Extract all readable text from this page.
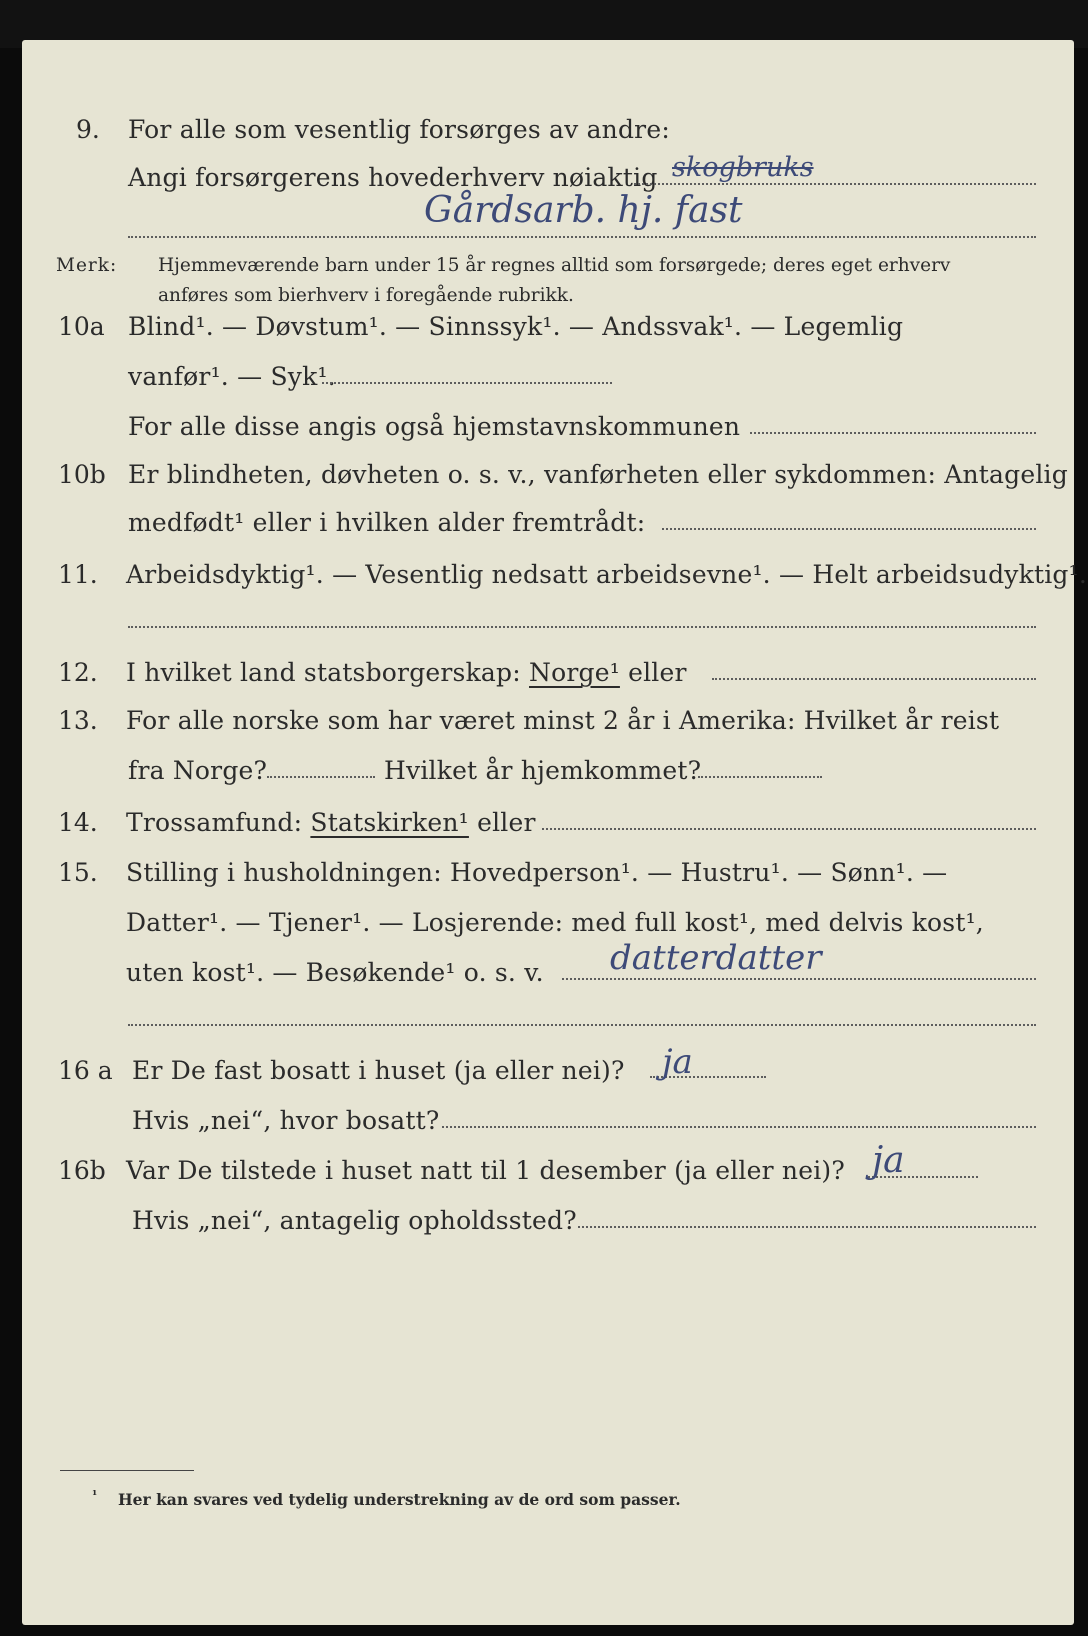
9. For alle som vesentlig forsørges av andre:
Angi forsørgerens hovederhverv nøiaktig skogbruks
Gårdsarb. hj. fast
Merk: Hjemmeværende barn under 15 år regnes alltid som forsørgede; deres eget erhverv
anføres som bierhverv i foregående rubrikk.
10a Blind¹. — Døvstum¹. — Sinnssyk¹. — Andssvak¹. — Legemlig
vanfør¹. — Syk¹.
For alle disse angis også hjemstavnskommunen
10b Er blindheten, døvheten o. s. v., vanførheten eller sykdommen: Antagelig
medfødt¹ eller i hvilken alder fremtrådt:
11. Arbeidsdyktig¹. — Vesentlig nedsatt arbeidsevne¹. — Helt arbeidsudyktig¹.
12. I hvilket land statsborgerskap: Norge¹ eller
13. For alle norske som har været minst 2 år i Amerika: Hvilket år reist
fra Norge?	Hvilket år hjemkommet?
14. Trossamfund: Statskirken¹ eller
15. Stilling i husholdningen: Hovedperson¹. — Hustru¹. — Sønn¹. —
Datter¹. — Tjener¹. — Losjerende: med full kost¹, med delvis kost¹,
uten kost¹. — Besøkende¹ o. s. v. datterdatter
16 a Er De fast bosatt i huset (ja eller nei)? ja
Hvis „nei“, hvor bosatt?
16b Var De tilstede i huset natt til 1 desember (ja eller nei)? ja
Hvis „nei“, antagelig opholdssted?
¹ Her kan svares ved tydelig understrekning av de ord som passer.
